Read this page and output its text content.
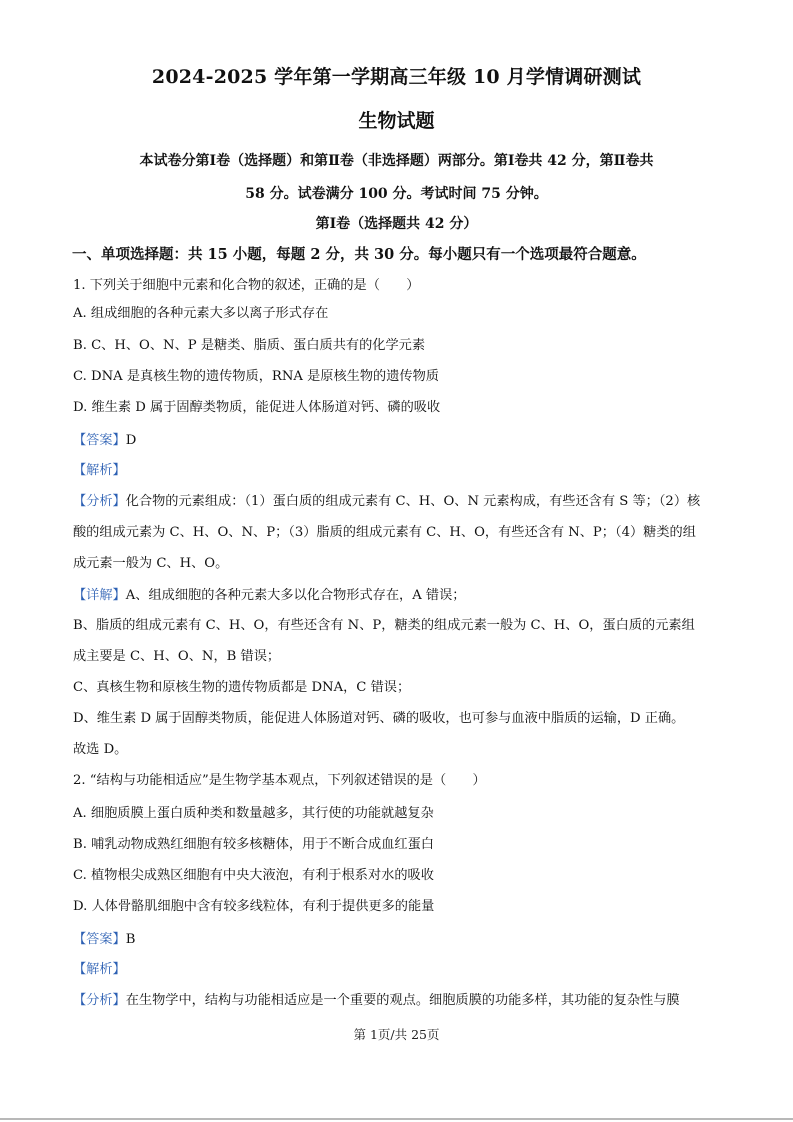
2024-2025 学年第一学期高三年级 10 月学情调研测试
生物试题
本试卷分第Ⅰ卷（选择题）和第Ⅱ卷（非选择题）两部分。第Ⅰ卷共 42 分，第Ⅱ卷共
58 分。试卷满分 100 分。考试时间 75 分钟。
第Ⅰ卷（选择题共 42 分）
一、单项选择题：共 15 小题，每题 2 分，共 30 分。每小题只有一个选项最符合题意。
1. 下列关于细胞中元素和化合物的叙述，正确的是（　　）
A. 组成细胞的各种元素大多以离子形式存在
B. C、H、O、N、P 是糖类、脂质、蛋白质共有的化学元素
C. DNA 是真核生物的遗传物质，RNA 是原核生物的遗传物质
D. 维生素 D 属于固醇类物质，能促进人体肠道对钙、磷的吸收
【答案】D
【解析】
【分析】化合物的元素组成：（1）蛋白质的组成元素有 C、H、O、N 元素构成，有些还含有 S 等；（2）核
酸的组成元素为 C、H、O、N、P；（3）脂质的组成元素有 C、H、O，有些还含有 N、P；（4）糖类的组
成元素一般为 C、H、O。
【详解】A、组成细胞的各种元素大多以化合物形式存在，A 错误；
B、脂质的组成元素有 C、H、O，有些还含有 N、P，糖类的组成元素一般为 C、H、O，蛋白质的元素组
成主要是 C、H、O、N，B 错误；
C、真核生物和原核生物的遗传物质都是 DNA，C 错误；
D、维生素 D 属于固醇类物质，能促进人体肠道对钙、磷的吸收，也可参与血液中脂质的运输，D 正确。
故选 D。
2. “结构与功能相适应”是生物学基本观点，下列叙述错误的是（　　）
A. 细胞质膜上蛋白质种类和数量越多，其行使的功能就越复杂
B. 哺乳动物成熟红细胞有较多核糖体，用于不断合成血红蛋白
C. 植物根尖成熟区细胞有中央大液泡，有利于根系对水的吸收
D. 人体骨骼肌细胞中含有较多线粒体，有利于提供更多的能量
【答案】B
【解析】
【分析】在生物学中，结构与功能相适应是一个重要的观点。细胞质膜的功能多样，其功能的复杂性与膜
第 1页/共 25页
